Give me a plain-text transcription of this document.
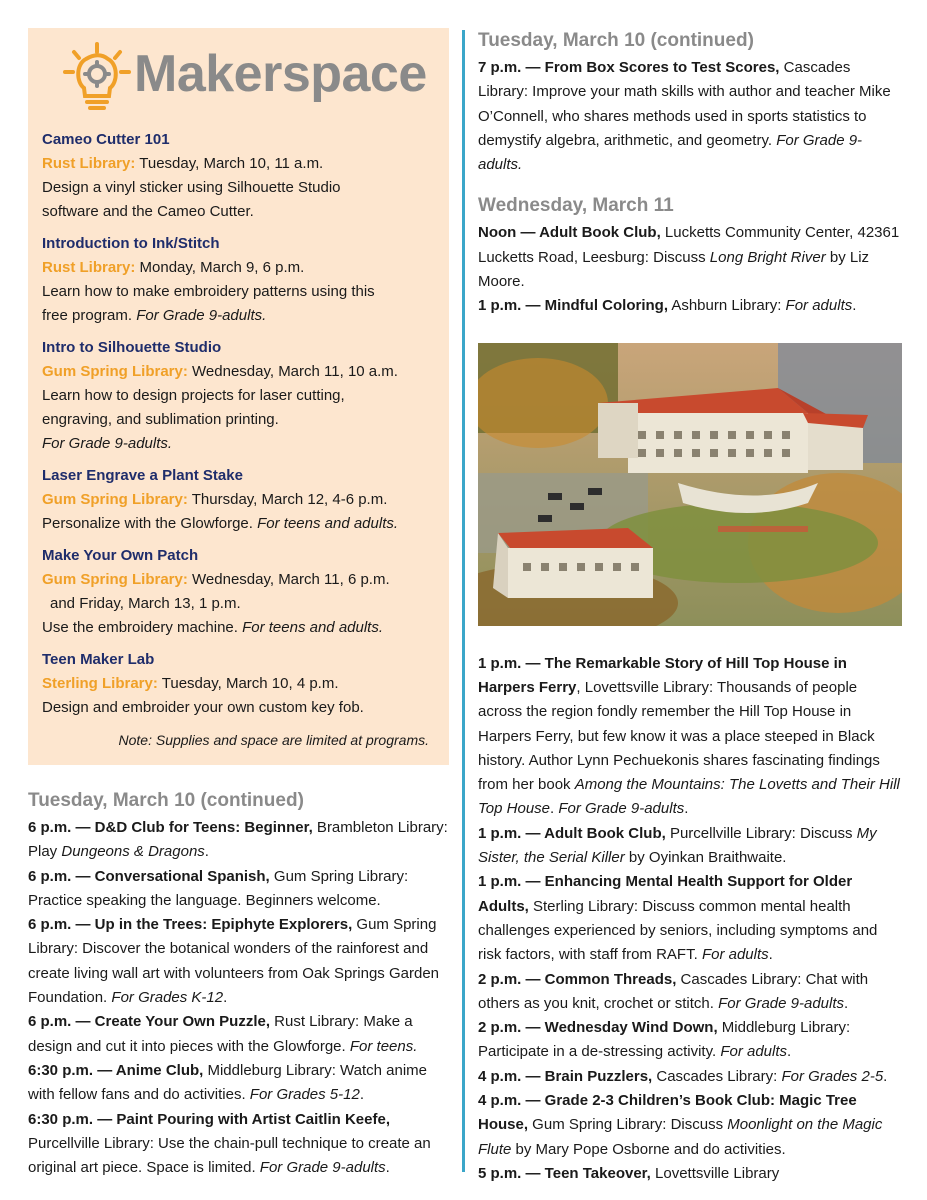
Makerspace
Cameo Cutter 101
Rust Library: Tuesday, March 10, 11 a.m.
Design a vinyl sticker using Silhouette Studio
software and the Cameo Cutter.
Introduction to Ink/Stitch
Rust Library: Monday, March 9, 6 p.m.
Learn how to make embroidery patterns using this
free program. For Grade 9-adults.
Intro to Silhouette Studio
Gum Spring Library: Wednesday, March 11, 10 a.m.
Learn how to design projects for laser cutting,
engraving, and sublimation printing.
For Grade 9-adults.
Laser Engrave a Plant Stake
Gum Spring Library: Thursday, March 12, 4-6 p.m.
Personalize with the Glowforge. For teens and adults.
Make Your Own Patch
Gum Spring Library: Wednesday, March 11, 6 p.m.
and Friday, March 13, 1 p.m.
Use the embroidery machine. For teens and adults.
Teen Maker Lab
Sterling Library: Tuesday, March 10, 4 p.m.
Design and embroider your own custom key fob.
Note: Supplies and space are limited at programs.
Tuesday, March 10 (continued)

6 p.m. — D&D Club for Teens: Beginner, Brambleton Library: Play Dungeons & Dragons.

6 p.m. — Conversational Spanish, Gum Spring Library: Practice speaking the language. Beginners welcome.

6 p.m. — Up in the Trees: Epiphyte Explorers, Gum Spring Library: Discover the botanical wonders of the rainforest and create living wall art with volunteers from Oak Springs Garden Foundation. For Grades K-12.

6 p.m. — Create Your Own Puzzle, Rust Library: Make a design and cut it into pieces with the Glowforge. For teens.

6:30 p.m. — Anime Club, Middleburg Library: Watch anime with fellow fans and do activities. For Grades 5-12.

6:30 p.m. — Paint Pouring with Artist Caitlin Keefe, Purcellville Library: Use the chain-pull technique to create an original art piece. Space is limited. For Grade 9-adults.

Tuesday, March 10 (continued)

7 p.m. — From Box Scores to Test Scores, Cascades Library: Improve your math skills with author and teacher Mike O’Connell, who shares methods used in sports statistics to demystify algebra, arithmetic, and geometry. For Grade 9-adults.

Wednesday, March 11

Noon — Adult Book Club, Lucketts Community Center, 42361 Lucketts Road, Leesburg: Discuss Long Bright River by Liz Moore.

1 p.m. — Mindful Coloring, Ashburn Library: For adults.

1 p.m. — The Remarkable Story of Hill Top House in Harpers Ferry, Lovettsville Library: Thousands of people across the region fondly remember the Hill Top House in Harpers Ferry, but few know it was a place steeped in Black history. Author Lynn Pechuekonis shares fascinating findings from her book Among the Mountains: The Lovetts and Their Hill Top House. For Grade 9-adults.

1 p.m. — Adult Book Club, Purcellville Library: Discuss My Sister, the Serial Killer by Oyinkan Braithwaite.

1 p.m. — Enhancing Mental Health Support for Older Adults, Sterling Library: Discuss common mental health challenges experienced by seniors, including symptoms and risk factors, with staff from RAFT. For adults.

2 p.m. — Common Threads, Cascades Library: Chat with others as you knit, crochet or stitch. For Grade 9-adults.

2 p.m. — Wednesday Wind Down, Middleburg Library: Participate in a de-stressing activity. For adults.

4 p.m. — Brain Puzzlers, Cascades Library: For Grades 2-5.

4 p.m. — Grade 2-3 Children’s Book Club: Magic Tree House, Gum Spring Library: Discuss Moonlight on the Magic Flute by Mary Pope Osborne and do activities.

5 p.m. — Teen Takeover, Lovettsville Library
